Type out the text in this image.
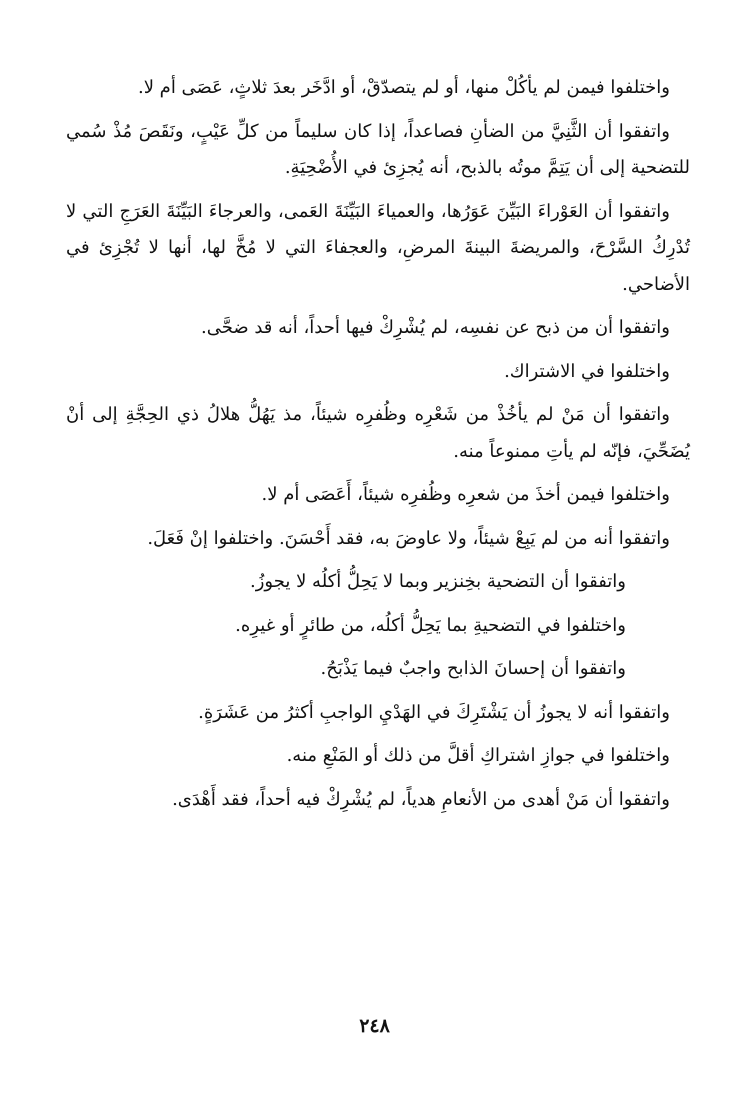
واختلفوا فيمن لم يأكُلْ منها، أو لم يتصدّقْ، أو ادَّخَر بعدَ ثلاثٍ، عَصَى أم لا.

واتفقوا أن الثَّنِيَّ من الضأنِ فصاعداً، إذا كان سليماً من كلِّ عَيْبٍ، ونَقَصَ مُذْ سُمي للتضحية إلى أن يَتِمَّ موتُه بالذبح، أنه يُجزِئ في الأُضْحِيَةِ.

واتفقوا أن العَوْراءَ البَيِّنَ عَوَرُها، والعمياءَ البَيِّنَةَ العَمى، والعرجاءَ البَيِّنَةَ العَرَجِ التي لا تُدْرِكُ السَّرْحَ، والمريضةَ البينةَ المرضِ، والعجفاءَ التي لا مُخَّ لها، أنها لا تُجْزِئ في الأضاحي.

واتفقوا أن من ذبح عن نفسِه، لم يُشْرِكْ فيها أحداً، أنه قد ضحَّى.

واختلفوا في الاشتراك.

واتفقوا أن مَنْ لم يأخُذْ من شَعْرِه وظُفرِه شيئاً، مذ يَهُلُّ هلالُ ذي الحِجَّةِ إلى أنْ يُضَحِّيَ، فإنّه لم يأتِ ممنوعاً منه.

واختلفوا فيمن أخذَ من شعرِه وظُفرِه شيئاً، أَعَصَى أم لا.

واتفقوا أنه من لم يَبِعْ شيئاً، ولا عاوضَ به، فقد أَحْسَنَ. واختلفوا إنْ فَعَلَ.

واتفقوا أن التضحية بخِنزير وبما لا يَحِلُّ أكلُه لا يجوزُ.

واختلفوا في التضحيةِ بما يَحِلُّ أكلُه، من طائرٍ أو غيرِه.

واتفقوا أن إحسانَ الذابح واجبٌ فيما يَذْبَحُ.

واتفقوا أنه لا يجوزُ أن يَشْتَرِكَ في الهَدْيِ الواجبِ أكثرُ من عَشَرَةٍ.

واختلفوا في جوازِ اشتراكِ أقلَّ من ذلك أو المَنْعِ منه.

واتفقوا أن مَنْ أهدى من الأنعامِ هدياً، لم يُشْرِكْ فيه أحداً، فقد أَهْدَى.

٢٤٨
